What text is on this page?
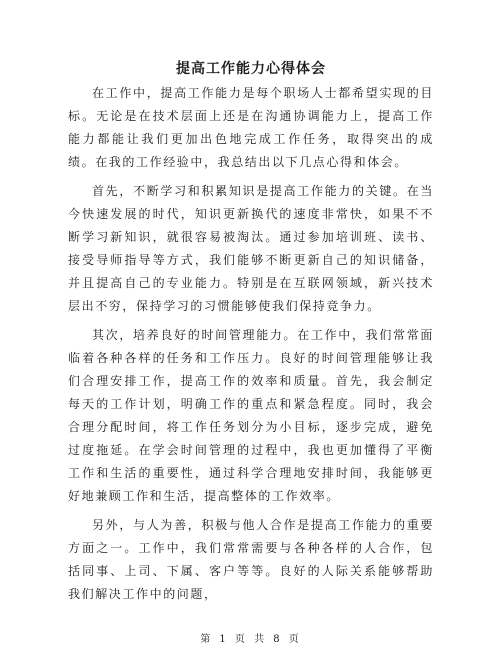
提高工作能力心得体会

在工作中，提高工作能力是每个职场人士都希望实现的目标。无论是在技术层面上还是在沟通协调能力上，提高工作能力都能让我们更加出色地完成工作任务，取得突出的成绩。在我的工作经验中，我总结出以下几点心得和体会。

首先，不断学习和积累知识是提高工作能力的关键。在当今快速发展的时代，知识更新换代的速度非常快，如果不不断学习新知识，就很容易被淘汰。通过参加培训班、读书、接受导师指导等方式，我们能够不断更新自己的知识储备，并且提高自己的专业能力。特别是在互联网领域，新兴技术层出不穷，保持学习的习惯能够使我们保持竞争力。

其次，培养良好的时间管理能力。在工作中，我们常常面临着各种各样的任务和工作压力。良好的时间管理能够让我们合理安排工作，提高工作的效率和质量。首先，我会制定每天的工作计划，明确工作的重点和紧急程度。同时，我会合理分配时间，将工作任务划分为小目标，逐步完成，避免过度拖延。在学会时间管理的过程中，我也更加懂得了平衡工作和生活的重要性，通过科学合理地安排时间，我能够更好地兼顾工作和生活，提高整体的工作效率。

另外，与人为善，积极与他人合作是提高工作能力的重要方面之一。工作中，我们常常需要与各种各样的人合作，包括同事、上司、下属、客户等等。良好的人际关系能够帮助我们解决工作中的问题，

第 1 页 共 8 页
